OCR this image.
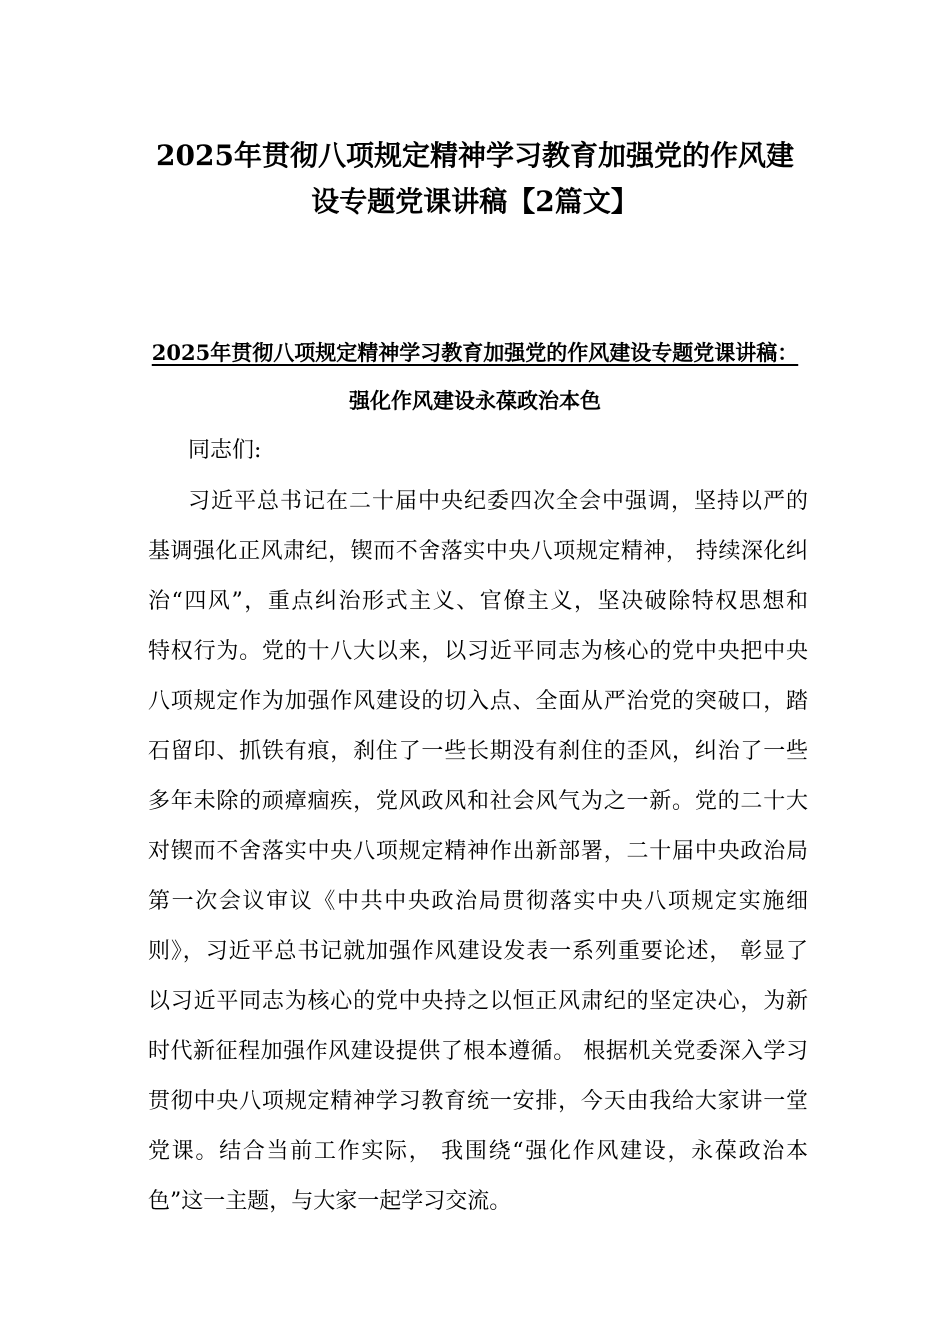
2025年贯彻八项规定精神学习教育加强党的作风建
设专题党课讲稿【2篇文】
2025年贯彻八项规定精神学习教育加强党的作风建设专题党课讲稿：
强化作风建设永葆政治本色
同志们:
习近平总书记在二十届中央纪委四次全会中强调，坚持以严的
基调强化正风肃纪，锲而不舍落实中央八项规定精神， 持续深化纠
治“四风”，重点纠治形式主义、官僚主义，坚决破除特权思想和
特权行为。党的十八大以来，以习近平同志为核心的党中央把中央
八项规定作为加强作风建设的切入点、全面从严治党的突破口，踏
石留印、抓铁有痕，刹住了一些长期没有刹住的歪风，纠治了一些
多年未除的顽瘴痼疾，党风政风和社会风气为之一新。党的二十大
对锲而不舍落实中央八项规定精神作出新部署，二十届中央政治局
第一次会议审议《中共中央政治局贯彻落实中央八项规定实施细
则》，习近平总书记就加强作风建设发表一系列重要论述， 彰显了
以习近平同志为核心的党中央持之以恒正风肃纪的坚定决心，为新
时代新征程加强作风建设提供了根本遵循。 根据机关党委深入学习
贯彻中央八项规定精神学习教育统一安排，今天由我给大家讲一堂
党课。结合当前工作实际， 我围绕“强化作风建设，永葆政治本
色”这一主题，与大家一起学习交流。
